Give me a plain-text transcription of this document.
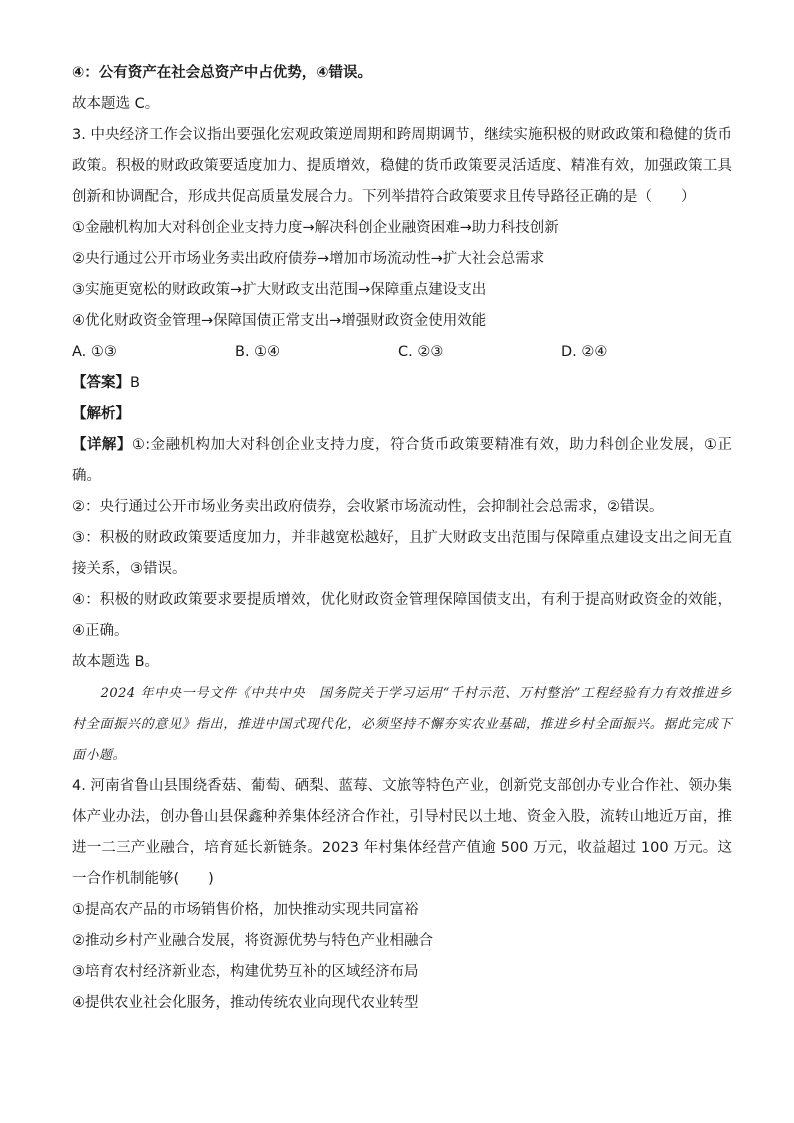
④：公有资产在社会总资产中占优势，④错误。
故本题选 C。
3. 中央经济工作会议指出要强化宏观政策逆周期和跨周期调节，继续实施积极的财政政策和稳健的货币政策。积极的财政政策要适度加力、提质增效，稳健的货币政策要灵活适度、精准有效，加强政策工具创新和协调配合，形成共促高质量发展合力。下列举措符合政策要求且传导路径正确的是（　　）
①金融机构加大对科创企业支持力度→解决科创企业融资困难→助力科技创新
②央行通过公开市场业务卖出政府债券→增加市场流动性→扩大社会总需求
③实施更宽松的财政政策→扩大财政支出范围→保障重点建设支出
④优化财政资金管理→保障国债正常支出→增强财政资金使用效能
A. ①③	B. ①④	C. ②③	D. ②④
【答案】B
【解析】
【详解】①:金融机构加大对科创企业支持力度，符合货币政策要精准有效，助力科创企业发展，①正确。
②：央行通过公开市场业务卖出政府债券，会收紧市场流动性，会抑制社会总需求，②错误。
③：积极的财政政策要适度加力，并非越宽松越好，且扩大财政支出范围与保障重点建设支出之间无直接关系，③错误。
④：积极的财政政策要求要提质增效，优化财政资金管理保障国债支出，有利于提高财政资金的效能，④正确。
故本题选 B。
2024 年中央一号文件《中共中央　国务院关于学习运用“千村示范、万村整治”工程经验有力有效推进乡村全面振兴的意见》指出，推进中国式现代化，必须坚持不懈夯实农业基础，推进乡村全面振兴。据此完成下面小题。
4. 河南省鲁山县围绕香菇、葡萄、硒梨、蓝莓、文旅等特色产业，创新党支部创办专业合作社、领办集体产业办法，创办鲁山县保鑫种养集体经济合作社，引导村民以土地、资金入股，流转山地近万亩，推进一二三产业融合，培育延长新链条。2023 年村集体经营产值逾 500 万元，收益超过 100 万元。这一合作机制能够(　　)
①提高农产品的市场销售价格，加快推动实现共同富裕
②推动乡村产业融合发展，将资源优势与特色产业相融合
③培育农村经济新业态，构建优势互补的区域经济布局
④提供农业社会化服务，推动传统农业向现代农业转型
